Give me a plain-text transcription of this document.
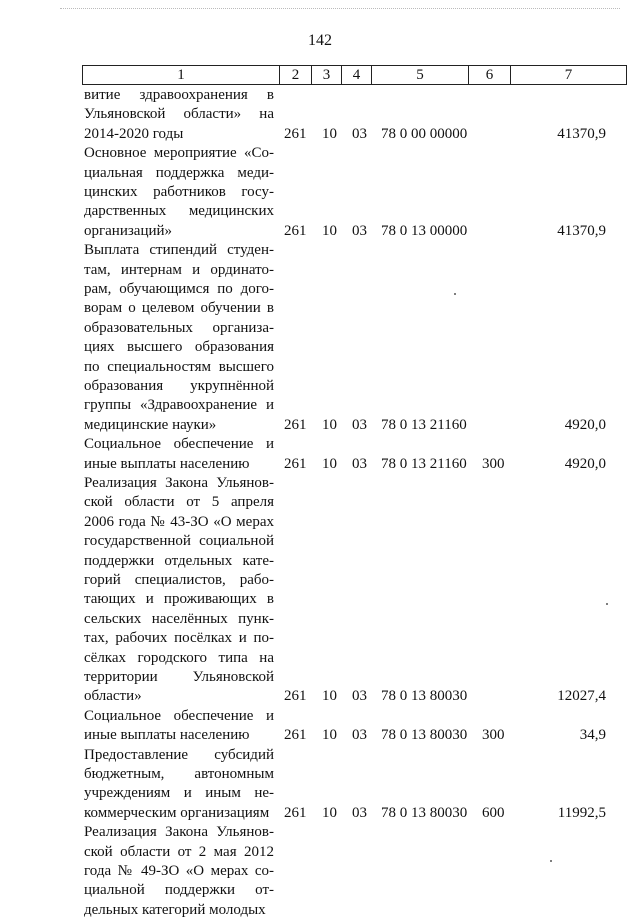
142
1	2	3	4	5	6	7
витие здравоохранения в
Ульяновской области» на
2014-2020 годы	261 10 03 78 0 00 00000	41370,9
Основное мероприятие «Со-
циальная поддержка меди-
цинских работников госу-
дарственных медицинских
организаций»	261 10 03 78 0 13 00000	41370,9
Выплата стипендий студен-
там, интернам и ординато-
рам, обучающимся по дого-
ворам о целевом обучении в
образовательных организа-
циях высшего образования
по специальностям высшего
образования укрупнённой
группы «Здравоохранение и
медицинские науки»	261 10 03 78 0 13 21160	4920,0
Социальное обеспечение и
иные выплаты населению	261 10 03 78 0 13 21160 300	4920,0
Реализация Закона Ульянов-
ской области от 5 апреля
2006 года № 43-ЗО «О мерах
государственной социальной
поддержки отдельных кате-
горий специалистов, рабо-
тающих и проживающих в
сельских населённых пунк-
тах, рабочих посёлках и по-
сёлках городского типа на
территории Ульяновской
области»	261 10 03 78 0 13 80030	12027,4
Социальное обеспечение и
иные выплаты населению	261 10 03 78 0 13 80030 300	34,9
Предоставление субсидий
бюджетным, автономным
учреждениям и иным не-
коммерческим организациям 261 10 03 78 0 13 80030 600	11992,5
Реализация Закона Ульянов-
ской области от 2 мая 2012
года № 49-ЗО «О мерах со-
циальной поддержки от-
дельных категорий молодых
